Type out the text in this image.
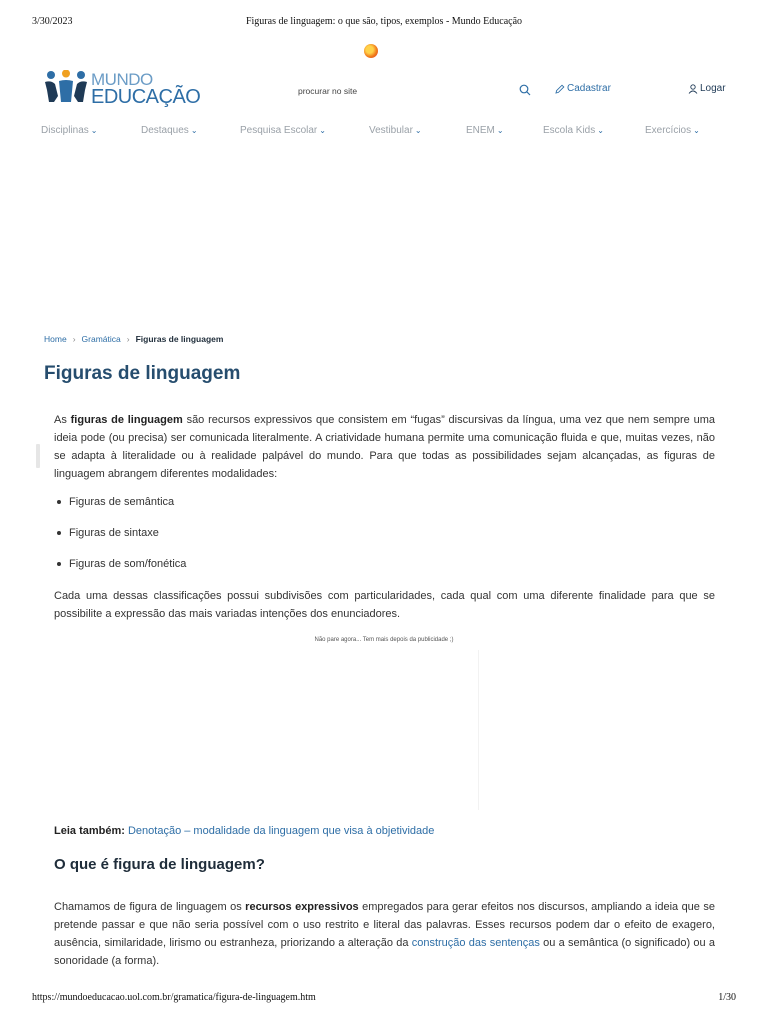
3/30/2023	Figuras de linguagem: o que são, tipos, exemplos - Mundo Educação
MUNDO
EDUCAÇÃO
procurar no site	Cadastrar	Logar
Disciplinas ⌄	Destaques ⌄	Pesquisa Escolar ⌄	Vestibular ⌄	ENEM ⌄	Escola Kids ⌄	Exercícios ⌄
Home › Gramática › Figuras de linguagem
Figuras de linguagem

As figuras de linguagem são recursos expressivos que consistem em “fugas” discursivas da língua, uma vez que nem sempre uma ideia pode (ou precisa) ser comunicada literalmente. A criatividade humana permite uma comunicação fluida e que, muitas vezes, não se adapta à literalidade ou à realidade palpável do mundo. Para que todas as possibilidades sejam alcançadas, as figuras de linguagem abrangem diferentes modalidades:

Figuras de semântica
Figuras de sintaxe
Figuras de som/fonética

Cada uma dessas classificações possui subdivisões com particularidades, cada qual com uma diferente finalidade para que se possibilite a expressão das mais variadas intenções dos enunciadores.

Não pare agora... Tem mais depois da publicidade ;)
Leia também: Denotação – modalidade da linguagem que visa à objetividade
O que é figura de linguagem?

Chamamos de figura de linguagem os recursos expressivos empregados para gerar efeitos nos discursos, ampliando a ideia que se pretende passar e que não seria possível com o uso restrito e literal das palavras. Esses recursos podem dar o efeito de exagero, ausência, similaridade, lirismo ou estranheza, priorizando a alteração da construção das sentenças ou a semântica (o significado) ou a sonoridade (a forma).

https://mundoeducacao.uol.com.br/gramatica/figura-de-linguagem.htm	1/30
